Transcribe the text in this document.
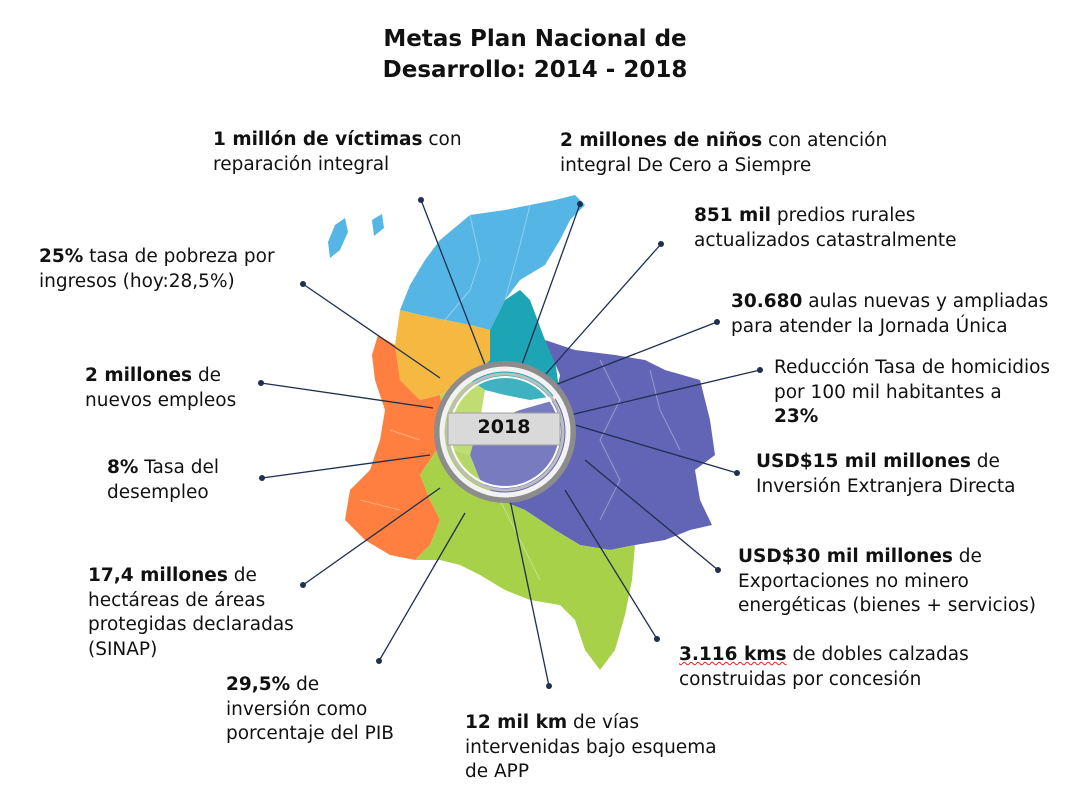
Metas Plan Nacional de
Desarrollo: 2014 - 2018
2018
1 millón de víctimas con
reparación integral
2 millones de niños con atención
integral De Cero a Siempre
851 mil predios rurales
actualizados catastralmente
30.680 aulas nuevas y ampliadas
para atender la Jornada Única
Reducción Tasa de homicidios
por 100 mil habitantes a
23%
USD$15 mil millones de
Inversión Extranjera Directa
USD$30 mil millones de
Exportaciones no minero
energéticas (bienes + servicios)
3.116 kms de dobles calzadas
construidas por concesión
12 mil km de vías
intervenidas bajo esquema
de APP
29,5% de
inversión como
porcentaje del PIB
17,4 millones de
hectáreas de áreas
protegidas declaradas
(SINAP)
8% Tasa del
desempleo
2 millones de
nuevos empleos
25% tasa de pobreza por
ingresos (hoy:28,5%)
